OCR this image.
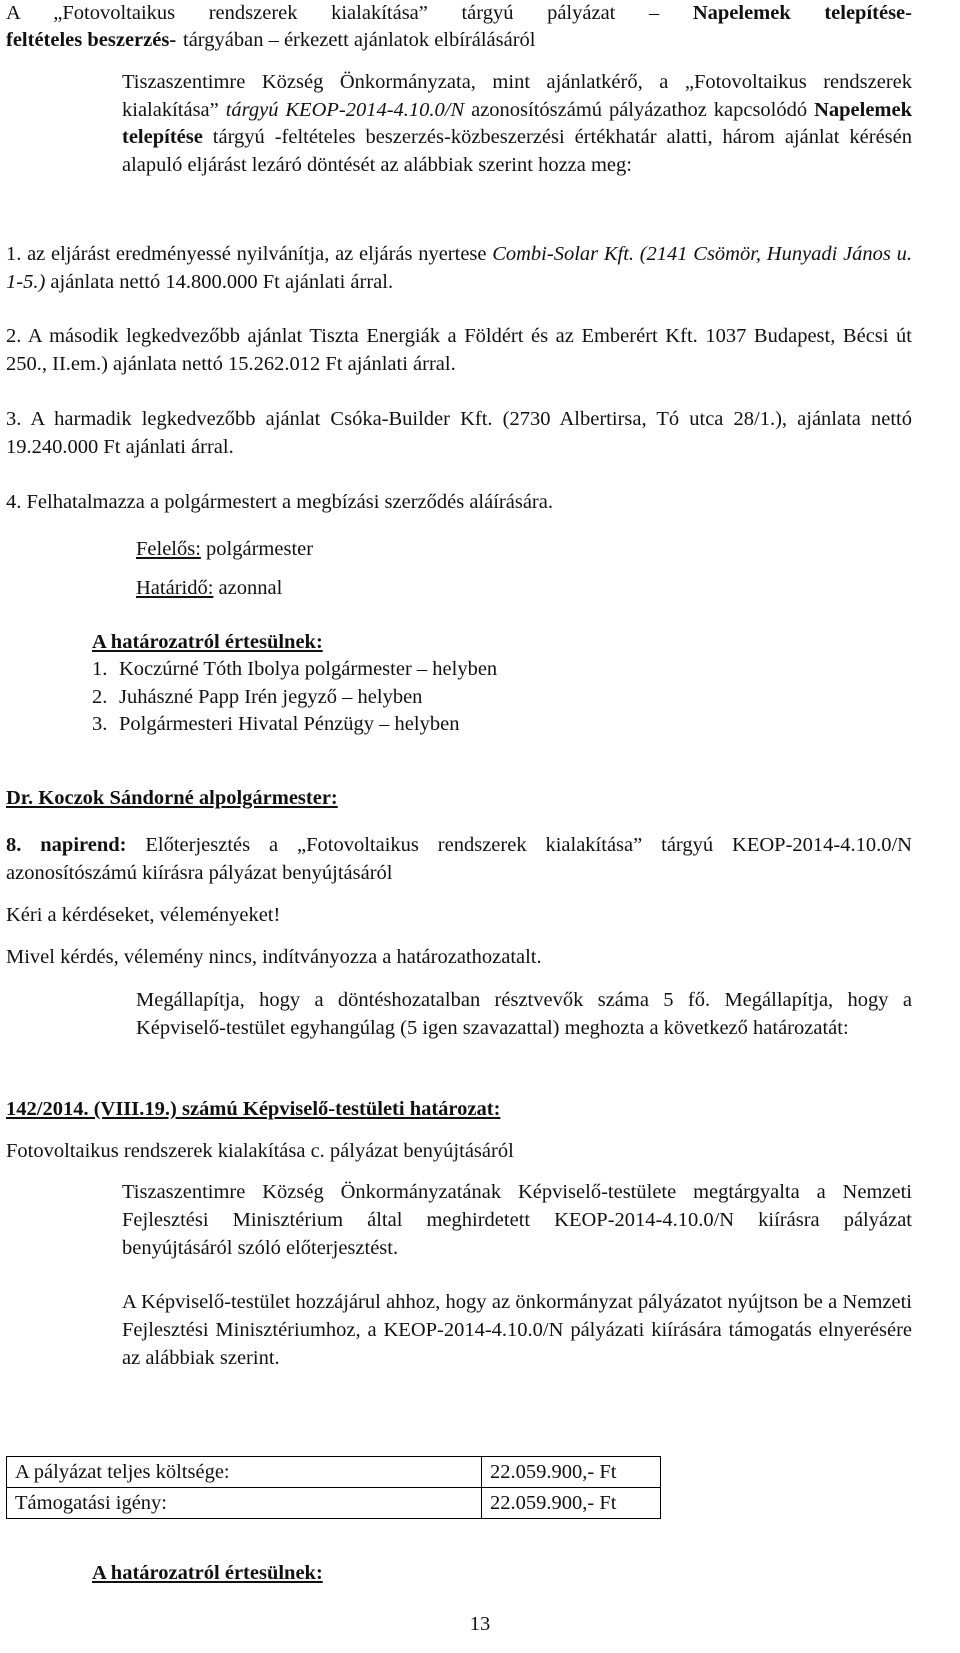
A „Fotovoltaikus rendszerek kialakítása” tárgyú pályázat – Napelemek telepítése-
feltételes beszerzés-  tárgyában – érkezett ajánlatok elbírálásáról
Tiszaszentimre Község Önkormányzata, mint ajánlatkérő, a „Fotovoltaikus rendszerek kialakítása” tárgyú KEOP-2014-4.10.0/N azonosítószámú pályázathoz kapcsolódó Napelemek telepítése tárgyú -feltételes beszerzés-közbeszerzési értékhatár alatti, három ajánlat kérésén alapuló eljárást lezáró döntését az alábbiak szerint hozza meg:
1. az eljárást eredményessé nyilvánítja, az eljárás nyertese Combi-Solar Kft. (2141 Csömör, Hunyadi János u. 1-5.) ajánlata nettó 14.800.000 Ft ajánlati árral.
2. A második legkedvezőbb ajánlat Tiszta Energiák a Földért és az Emberért Kft. 1037 Budapest, Bécsi út 250., II.em.) ajánlata nettó 15.262.012 Ft ajánlati árral.
3. A harmadik legkedvezőbb ajánlat Csóka-Builder Kft. (2730 Albertirsa, Tó utca 28/1.), ajánlata nettó 19.240.000 Ft ajánlati árral.
4. Felhatalmazza a polgármestert a megbízási szerződés aláírására.
Felelős: polgármester
Határidő: azonnal
A határozatról értesülnek:
1. Koczúrné Tóth Ibolya polgármester – helyben
2. Juhászné Papp Irén jegyző – helyben
3. Polgármesteri Hivatal Pénzügy – helyben
Dr. Koczok Sándorné alpolgármester:
8. napirend: Előterjesztés a „Fotovoltaikus rendszerek kialakítása” tárgyú KEOP-2014-4.10.0/N azonosítószámú kiírásra pályázat benyújtásáról
Kéri a kérdéseket, véleményeket!
Mivel kérdés, vélemény nincs, indítványozza a határozathozatalt.
Megállapítja, hogy a döntéshozatalban résztvevők száma 5 fő. Megállapítja, hogy a Képviselő-testület egyhangúlag (5 igen szavazattal) meghozta a következő határozatát:
142/2014. (VIII.19.) számú Képviselő-testületi határozat:
Fotovoltaikus rendszerek kialakítása c. pályázat benyújtásáról
Tiszaszentimre Község Önkormányzatának Képviselő-testülete megtárgyalta a Nemzeti Fejlesztési Minisztérium által meghirdetett KEOP-2014-4.10.0/N kiírásra pályázat benyújtásáról szóló előterjesztést.
A Képviselő-testület hozzájárul ahhoz, hogy az önkormányzat pályázatot nyújtson be a Nemzeti Fejlesztési Minisztériumhoz, a KEOP-2014-4.10.0/N pályázati kiírására támogatás elnyerésére az alábbiak szerint.
A pályázat teljes költsége:	22.059.900,- Ft
Támogatási igény:	22.059.900,- Ft
A határozatról értesülnek:
13
